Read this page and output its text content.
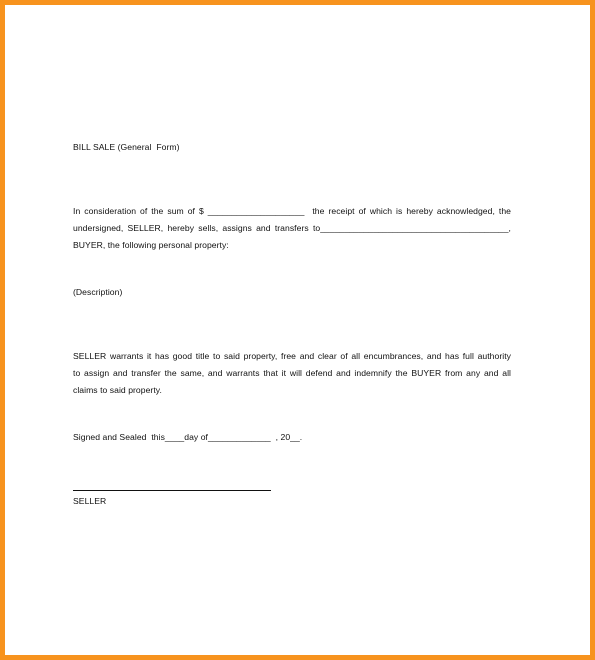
BILL SALE (General  Form)
In consideration of the sum of $ ____________________  the receipt of which is hereby acknowledged, the
undersigned, SELLER, hereby sells, assigns and transfers to_______________________________________,
BUYER, the following personal property:
(Description)
SELLER warrants it has good title to said property, free and clear of all encumbrances, and has full authority
to assign and transfer the same, and warrants that it will defend and indemnify the BUYER from any and all
claims to said property.
Signed and Sealed  this____day of_____________  , 20__.
SELLER
